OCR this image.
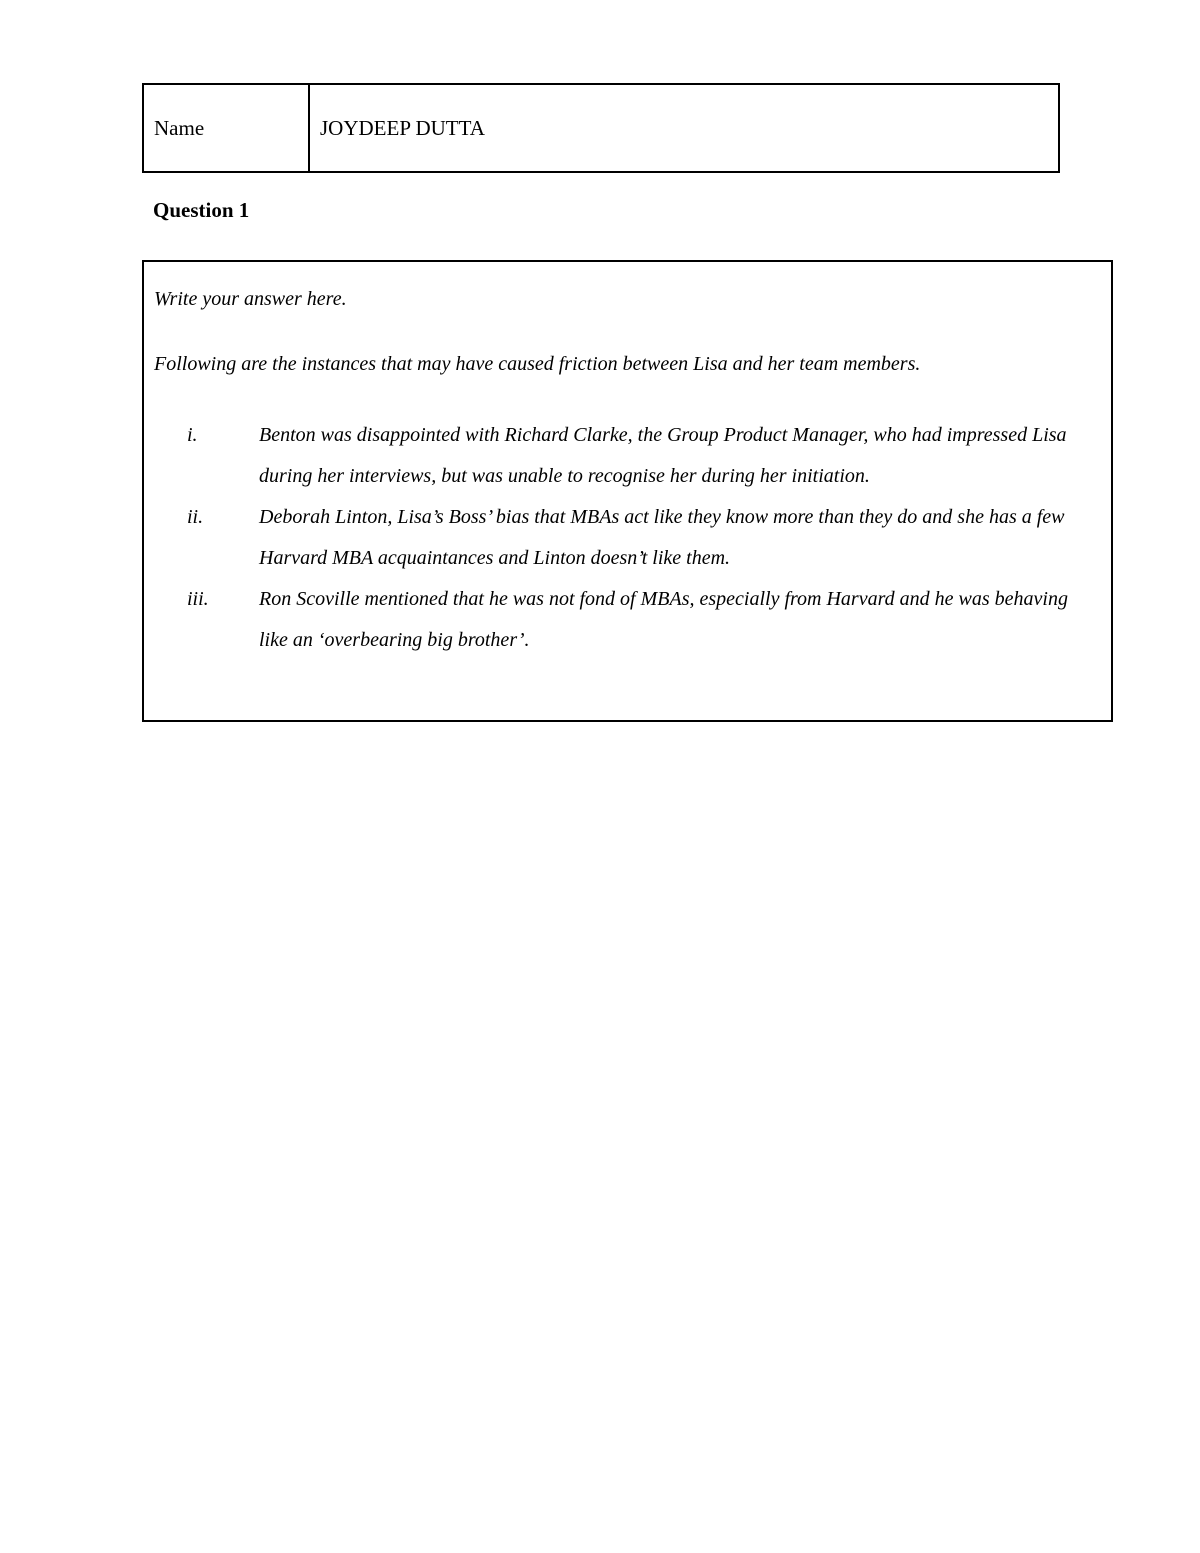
Name	JOYDEEP DUTTA
Question 1

Write your answer here.

Following are the instances that may have caused friction between Lisa and her team members.

i.	Benton was disappointed with Richard Clarke, the Group Product Manager, who had impressed Lisa during her interviews, but was unable to recognise her during her initiation.
ii.	Deborah Linton, Lisa’s Boss’ bias that MBAs act like they know more than they do and she has a few Harvard MBA acquaintances and Linton doesn’t like them.
iii.	Ron Scoville mentioned that he was not fond of MBAs, especially from Harvard and he was behaving like an ‘overbearing big brother’.
